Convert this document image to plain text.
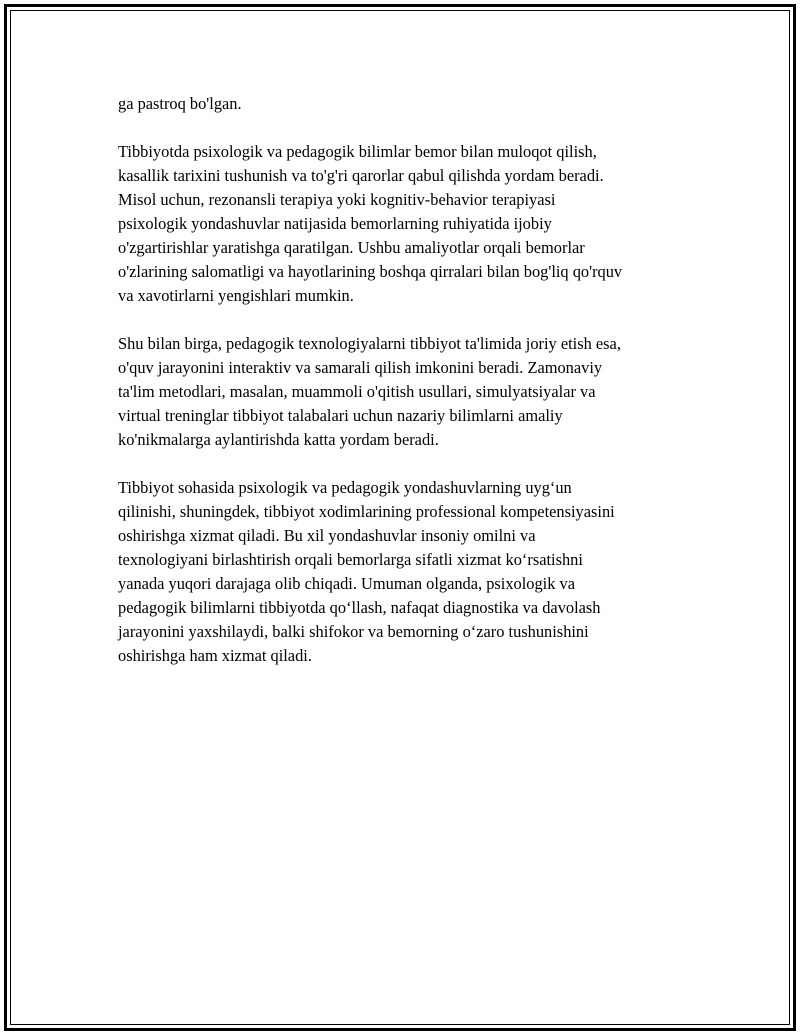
ga pastroq bo'lgan.

Tibbiyotda psixologik va pedagogik bilimlar bemor bilan muloqot qilish,
kasallik tarixini tushunish va to'g'ri qarorlar qabul qilishda yordam beradi.
Misol uchun, rezonansli terapiya yoki kognitiv-behavior terapiyasi
psixologik yondashuvlar natijasida bemorlarning ruhiyatida ijobiy
o'zgartirishlar yaratishga qaratilgan. Ushbu amaliyotlar orqali bemorlar
o'zlarining salomatligi va hayotlarining boshqa qirralari bilan bog'liq qo'rquv
va xavotirlarni yengishlari mumkin.

Shu bilan birga, pedagogik texnologiyalarni tibbiyot ta'limida joriy etish esa,
o'quv jarayonini interaktiv va samarali qilish imkonini beradi. Zamonaviy
ta'lim metodlari, masalan, muammoli o'qitish usullari, simulyatsiyalar va
virtual treninglar tibbiyot talabalari uchun nazariy bilimlarni amaliy
ko'nikmalarga aylantirishda katta yordam beradi.

Tibbiyot sohasida psixologik va pedagogik yondashuvlarning uyg‘un
qilinishi, shuningdek, tibbiyot xodimlarining professional kompetensiyasini
oshirishga xizmat qiladi. Bu xil yondashuvlar insoniy omilni va
texnologiyani birlashtirish orqali bemorlarga sifatli xizmat ko‘rsatishni
yanada yuqori darajaga olib chiqadi. Umuman olganda, psixologik va
pedagogik bilimlarni tibbiyotda qo‘llash, nafaqat diagnostika va davolash
jarayonini yaxshilaydi, balki shifokor va bemorning o‘zaro tushunishini
oshirishga ham xizmat qiladi.
